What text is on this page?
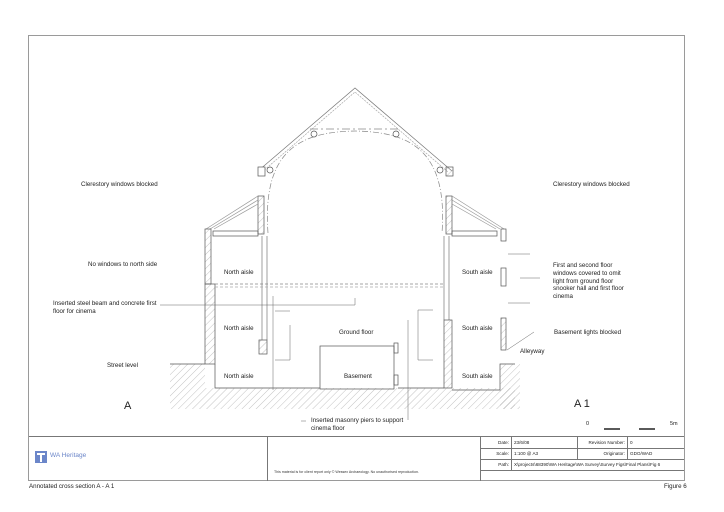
Clerestory windows blocked
No windows to north side
Inserted steel beam and concrete first floor for cinema
Street level
Clerestory windows blocked
First and second floor windows covered to omit light from ground floor snooker hall and first floor cinema
Basement lights blocked
Alleyway
Inserted masonry piers to support cinema floor
North aisle
North aisle
North aisle
South aisle
South aisle
South aisle
Ground floor
Basement
A	A 1
0	5m
WA Heritage
This material is for client report only © Wessex Archaeology. No unauthorised reproduction.
Date:	23/6/08	Revision Number:	0
Scale:	1:100 @ A3	Originator:	GDO/WAD
Path:	X\projects\68390\WA Heritage\WA Survey\Survey Figs\Final Plans\Fig 6
Annotated cross section A - A 1	Figure 6
